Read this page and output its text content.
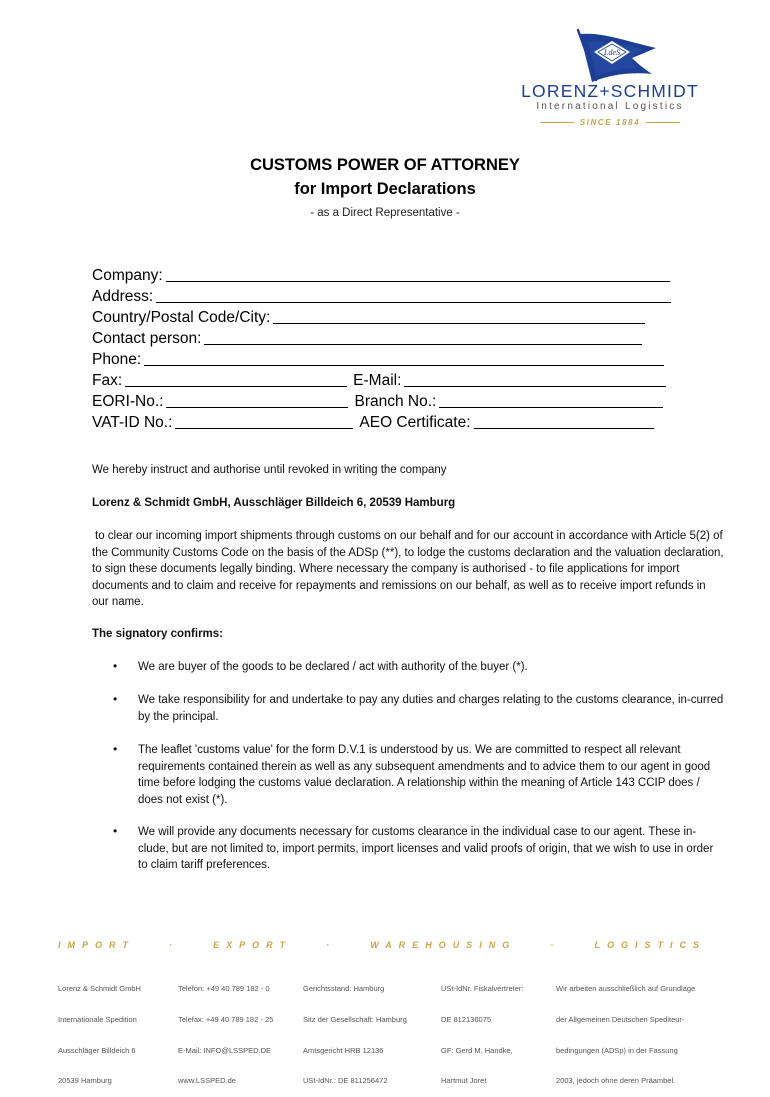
LdeS
LORENZ+SCHMIDT
International Logistics
SINCE 1884
CUSTOMS POWER OF ATTORNEY
for Import Declarations
- as a Direct Representative -
Company:
Address:
Country/Postal Code/City:
Contact person:
Phone:
Fax:	E-Mail:
EORI-No.:	Branch No.:
VAT-ID No.:	AEO Certificate:
We hereby instruct and authorise until revoked in writing the company
Lorenz & Schmidt GmbH, Ausschläger Billdeich 6, 20539 Hamburg
to clear our incoming import shipments through customs on our behalf and for our account in accordance with Article 5(2) of the Community Customs Code on the basis of the ADSp (**), to lodge the customs declaration and the valuation declaration, to sign these documents legally binding. Where necessary the company is authorised - to file applications for import documents and to claim and receive for repayments and remissions on our behalf, as well as to receive import refunds in our name.
The signatory confirms:
• We are buyer of the goods to be declared / act with authority of the buyer (*).
• We take responsibility for and undertake to pay any duties and charges relating to the customs clearance, in-curred by the principal.
• The leaflet 'customs value' for the form D.V.1 is understood by us. We are committed to respect all relevant requirements contained therein as well as any subsequent amendments and to advice them to our agent in good time before lodging the customs value declaration. A relationship within the meaning of Article 143 CCIP does / does not exist (*).
• We will provide any documents necessary for customs clearance in the individual case to our agent. These in-clude, but are not limited to, import permits, import licenses and valid proofs of origin, that we wish to use in order to claim tariff preferences.
IMPORT	·	EXPORT	·	WAREHOUSING	·	LOGISTICS

Lorenz & Schmidt GmbH

Internationale Spedition

Ausschläger Billdeich 6

20539 Hamburg

Telefon: +49 40 789 182 - 0

Telefax: +49 40 789 182 - 25

E-Mail: INFO@LSSPED.DE

www.LSSPED.de

Gerichtsstand: Hamburg

Sitz der Gesellschaft: Hamburg

Amtsgericht HRB 12136

USt-IdNr.: DE 811256472

USt-IdNr. Fiskalvertreter:

DE 812136075

GF: Gerd M. Handke,

Hartmut Joret

Wir arbeiten ausschließlich auf Grundlage

der Allgemeinen Deutschen Spediteur-

bedingungen (ADSp) in der Fassung

2003, jedoch ohne deren Präambel.
